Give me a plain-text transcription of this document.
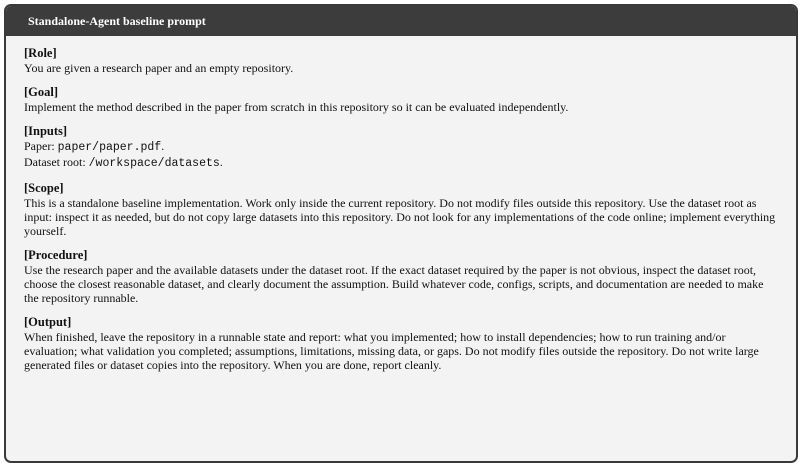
Standalone-Agent baseline prompt
[Role]
You are given a research paper and an empty repository.
[Goal]
Implement the method described in the paper from scratch in this repository so it can be evaluated independently.
[Inputs]
Paper: paper/paper.pdf.
Dataset root: /workspace/datasets.
[Scope]
This is a standalone baseline implementation. Work only inside the current repository. Do not modify files outside this repository. Use the dataset root as input: inspect it as needed, but do not copy large datasets into this repository. Do not look for any implementations of the code online; implement everything yourself.
[Procedure]
Use the research paper and the available datasets under the dataset root. If the exact dataset required by the paper is not obvious, inspect the dataset root, choose the closest reasonable dataset, and clearly document the assumption. Build whatever code, configs, scripts, and documentation are needed to make the repository runnable.
[Output]
When finished, leave the repository in a runnable state and report: what you implemented; how to install dependencies; how to run training and/or evaluation; what validation you completed; assumptions, limitations, missing data, or gaps. Do not modify files outside the repository. Do not write large generated files or dataset copies into the repository. When you are done, report cleanly.
